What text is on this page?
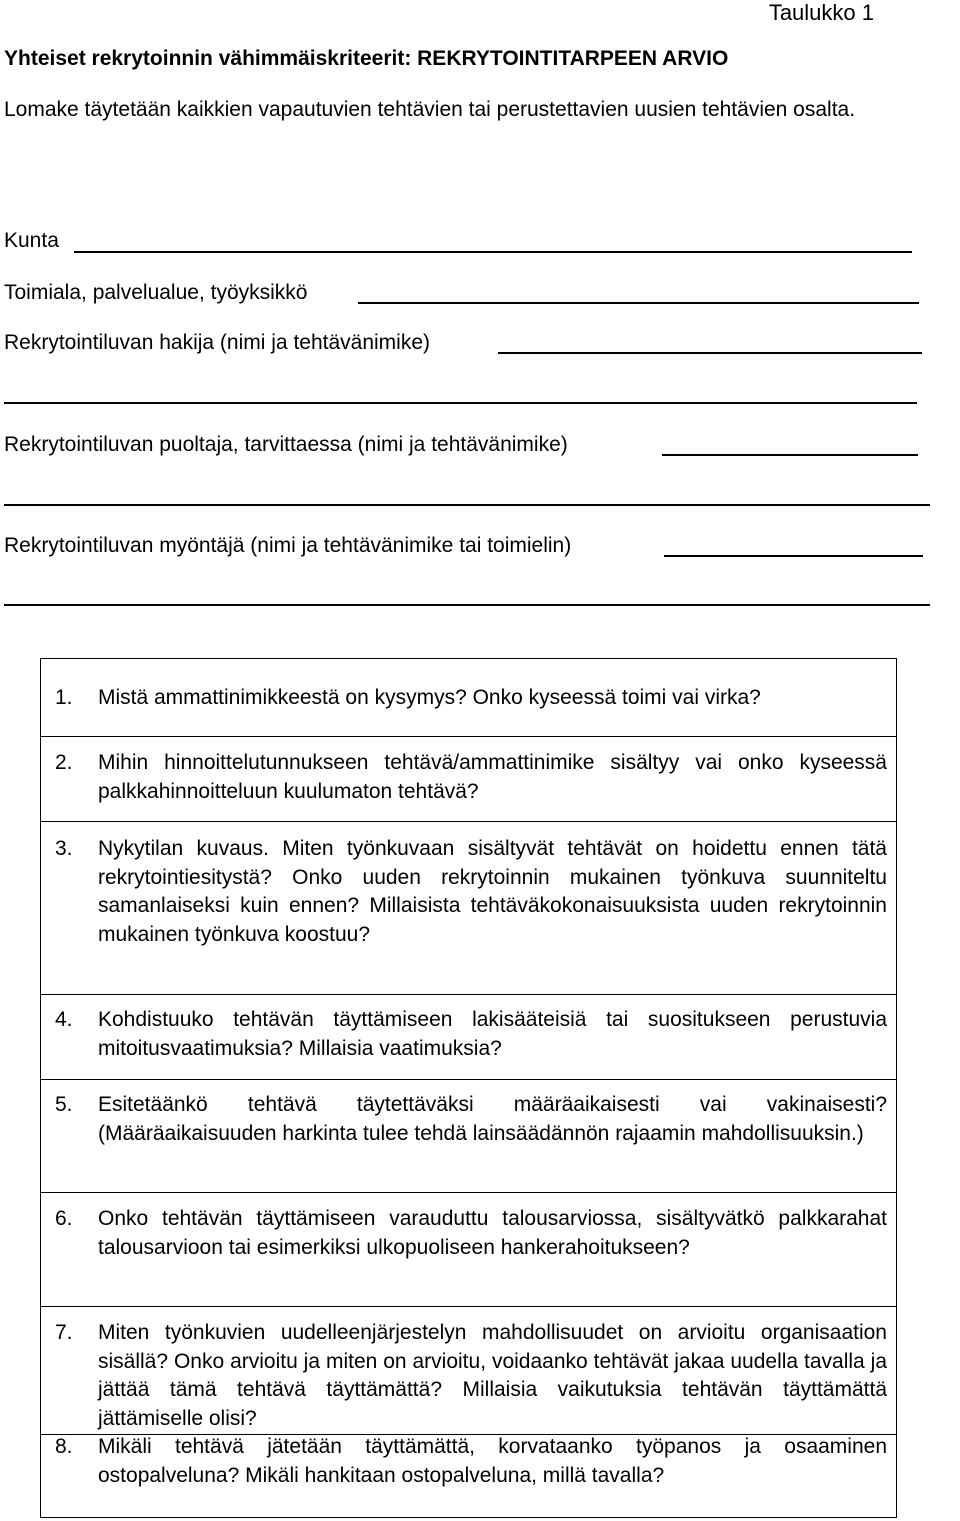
Taulukko 1
Yhteiset rekrytoinnin vähimmäiskriteerit: REKRYTOINTITARPEEN ARVIO
Lomake täytetään kaikkien vapautuvien tehtävien tai perustettavien uusien tehtävien osalta.
Kunta
Toimiala, palvelualue, työyksikkö
Rekrytointiluvan hakija (nimi ja tehtävänimike)
Rekrytointiluvan puoltaja, tarvittaessa (nimi ja tehtävänimike)
Rekrytointiluvan myöntäjä (nimi ja tehtävänimike tai toimielin)
1. Mistä ammattinimikkeestä on kysymys? Onko kyseessä toimi vai virka?
2. Mihin hinnoittelutunnukseen tehtävä/ammattinimike sisältyy vai onko kyseessä palkkahinnoitteluun kuulumaton tehtävä?
3. Nykytilan kuvaus. Miten työnkuvaan sisältyvät tehtävät on hoidettu ennen tätä rekrytointiesitystä? Onko uuden rekrytoinnin mukainen työnkuva suunniteltu samanlaiseksi kuin ennen? Millaisista tehtäväkokonaisuuksista uuden rekrytoinnin mukainen työnkuva koostuu?
4. Kohdistuuko tehtävän täyttämiseen lakisääteisiä tai suositukseen perustuvia mitoitusvaatimuksia? Millaisia vaatimuksia?
5. Esitetäänkö tehtävä täytettäväksi määräaikaisesti vai vakinaisesti? (Määräaikaisuuden harkinta tulee tehdä lainsäädännön rajaamin mahdollisuuksin.)
6. Onko tehtävän täyttämiseen varauduttu talousarviossa, sisältyvätkö palkkarahat talousarvioon tai esimerkiksi ulkopuoliseen hankerahoitukseen?
7. Miten työnkuvien uudelleenjärjestelyn mahdollisuudet on arvioitu organisaation sisällä? Onko arvioitu ja miten on arvioitu, voidaanko tehtävät jakaa uudella tavalla ja jättää tämä tehtävä täyttämättä? Millaisia vaikutuksia tehtävän täyttämättä jättämiselle olisi?
8. Mikäli tehtävä jätetään täyttämättä, korvataanko työpanos ja osaaminen ostopalveluna? Mikäli hankitaan ostopalveluna, millä tavalla?
